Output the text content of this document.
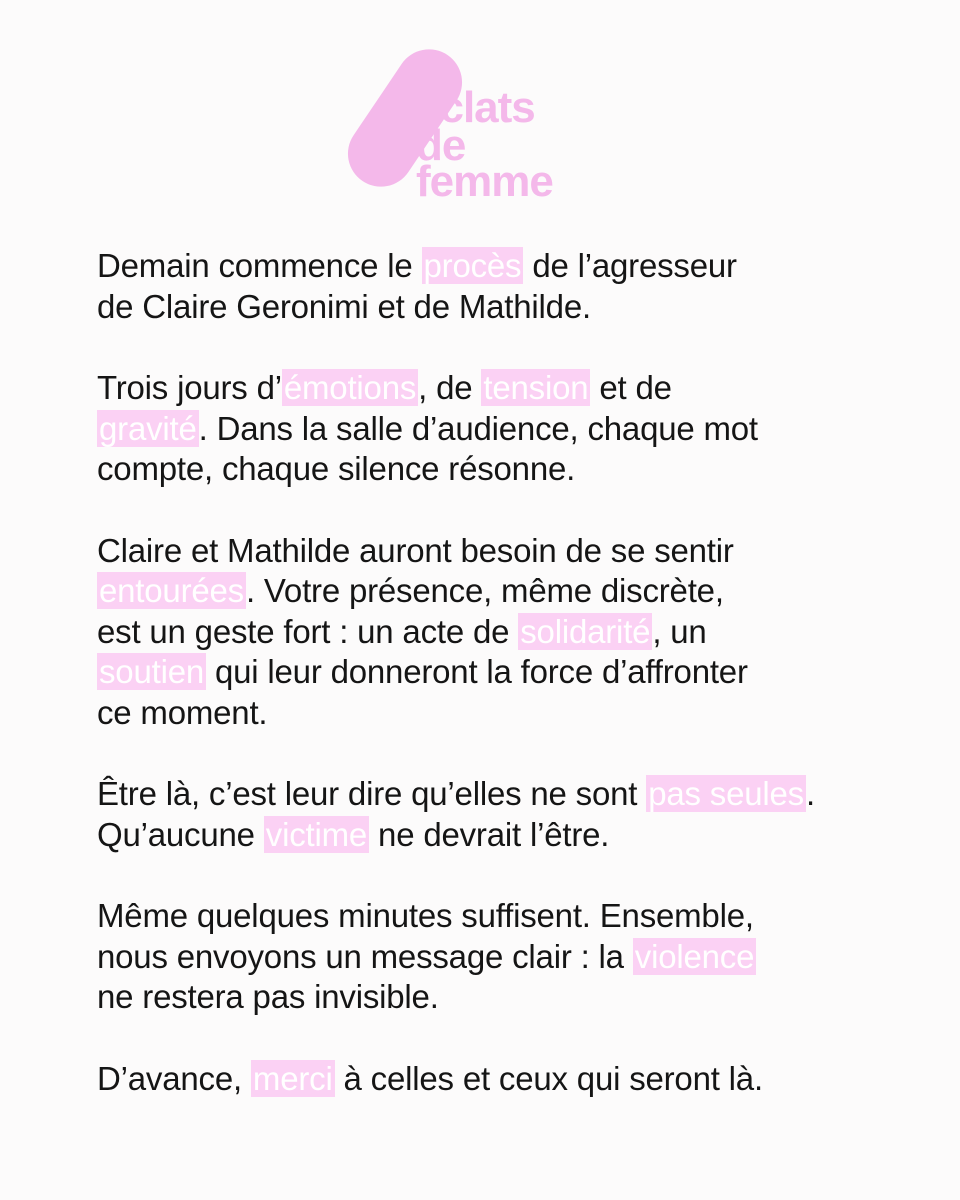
éclats
de
femme

Demain commence le procès de l’agresseur
de Claire Geronimi et de Mathilde.

Trois jours d’émotions, de tension et de
gravité. Dans la salle d’audience, chaque mot
compte, chaque silence résonne.

Claire et Mathilde auront besoin de se sentir
entourées. Votre présence, même discrète,
est un geste fort : un acte de solidarité, un
soutien qui leur donneront la force d’affronter
ce moment.

Être là, c’est leur dire qu’elles ne sont pas seules.
Qu’aucune victime ne devrait l’être.

Même quelques minutes suffisent. Ensemble,
nous envoyons un message clair : la violence
ne restera pas invisible.

D’avance, merci à celles et ceux qui seront là.
